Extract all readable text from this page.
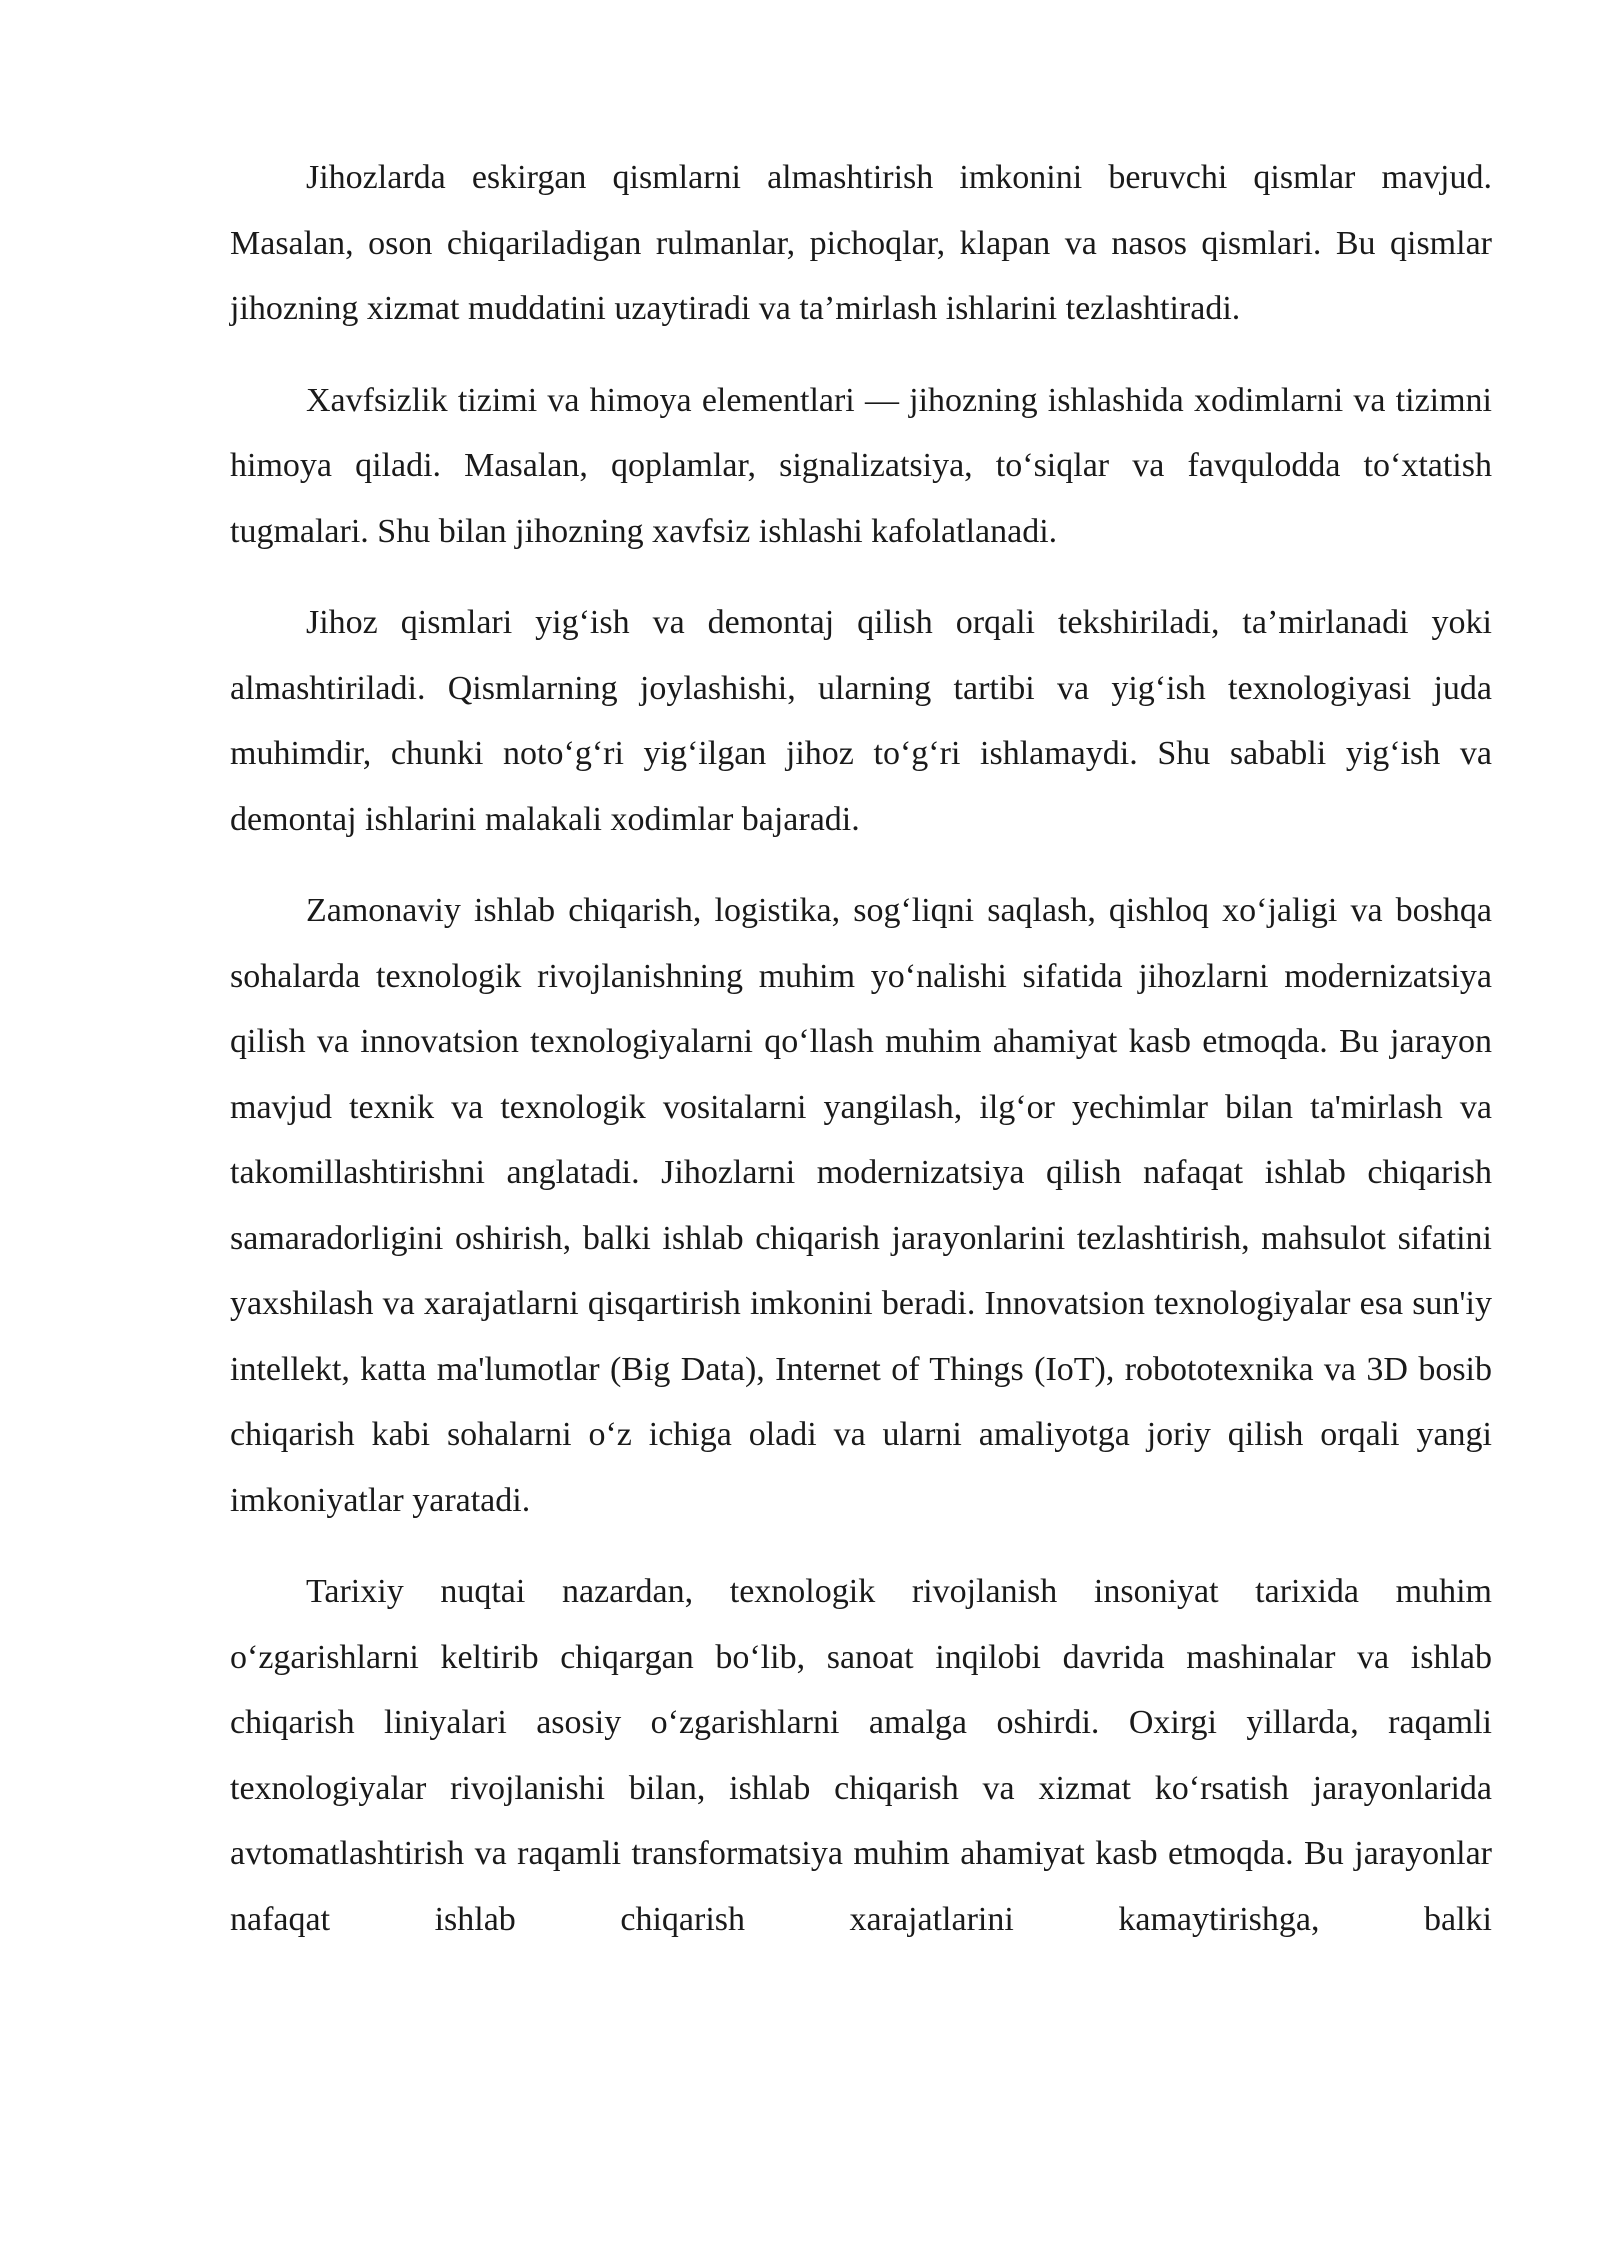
Jihozlarda eskirgan qismlarni almashtirish imkonini beruvchi qismlar mavjud. Masalan, oson chiqariladigan rulmanlar, pichoqlar, klapan va nasos qismlari. Bu qismlar jihozning xizmat muddatini uzaytiradi va ta’mirlash ishlarini tezlashtiradi.

Xavfsizlik tizimi va himoya elementlari — jihozning ishlashida xodimlarni va tizimni himoya qiladi. Masalan, qoplamlar, signalizatsiya, to‘siqlar va favqulodda to‘xtatish tugmalari. Shu bilan jihozning xavfsiz ishlashi kafolatlanadi.

Jihoz qismlari yig‘ish va demontaj qilish orqali tekshiriladi, ta’mirlanadi yoki almashtiriladi. Qismlarning joylashishi, ularning tartibi va yig‘ish texnologiyasi juda muhimdir, chunki noto‘g‘ri yig‘ilgan jihoz to‘g‘ri ishlamaydi. Shu sababli yig‘ish va demontaj ishlarini malakali xodimlar bajaradi.

Zamonaviy ishlab chiqarish, logistika, sog‘liqni saqlash, qishloq xo‘jaligi va boshqa sohalarda texnologik rivojlanishning muhim yo‘nalishi sifatida jihozlarni modernizatsiya qilish va innovatsion texnologiyalarni qo‘llash muhim ahamiyat kasb etmoqda. Bu jarayon mavjud texnik va texnologik vositalarni yangilash, ilg‘or yechimlar bilan ta'mirlash va takomillashtirishni anglatadi. Jihozlarni modernizatsiya qilish nafaqat ishlab chiqarish samaradorligini oshirish, balki ishlab chiqarish jarayonlarini tezlashtirish, mahsulot sifatini yaxshilash va xarajatlarni qisqartirish imkonini beradi. Innovatsion texnologiyalar esa sun'iy intellekt, katta ma'lumotlar (Big Data), Internet of Things (IoT), robototexnika va 3D bosib chiqarish kabi sohalarni o‘z ichiga oladi va ularni amaliyotga joriy qilish orqali yangi imkoniyatlar yaratadi.

Tarixiy nuqtai nazardan, texnologik rivojlanish insoniyat tarixida muhim o‘zgarishlarni keltirib chiqargan bo‘lib, sanoat inqilobi davrida mashinalar va ishlab chiqarish liniyalari asosiy o‘zgarishlarni amalga oshirdi. Oxirgi yillarda, raqamli texnologiyalar rivojlanishi bilan, ishlab chiqarish va xizmat ko‘rsatish jarayonlarida avtomatlashtirish va raqamli transformatsiya muhim ahamiyat kasb etmoqda. Bu jarayonlar nafaqat ishlab chiqarish xarajatlarini kamaytirishga, balki
